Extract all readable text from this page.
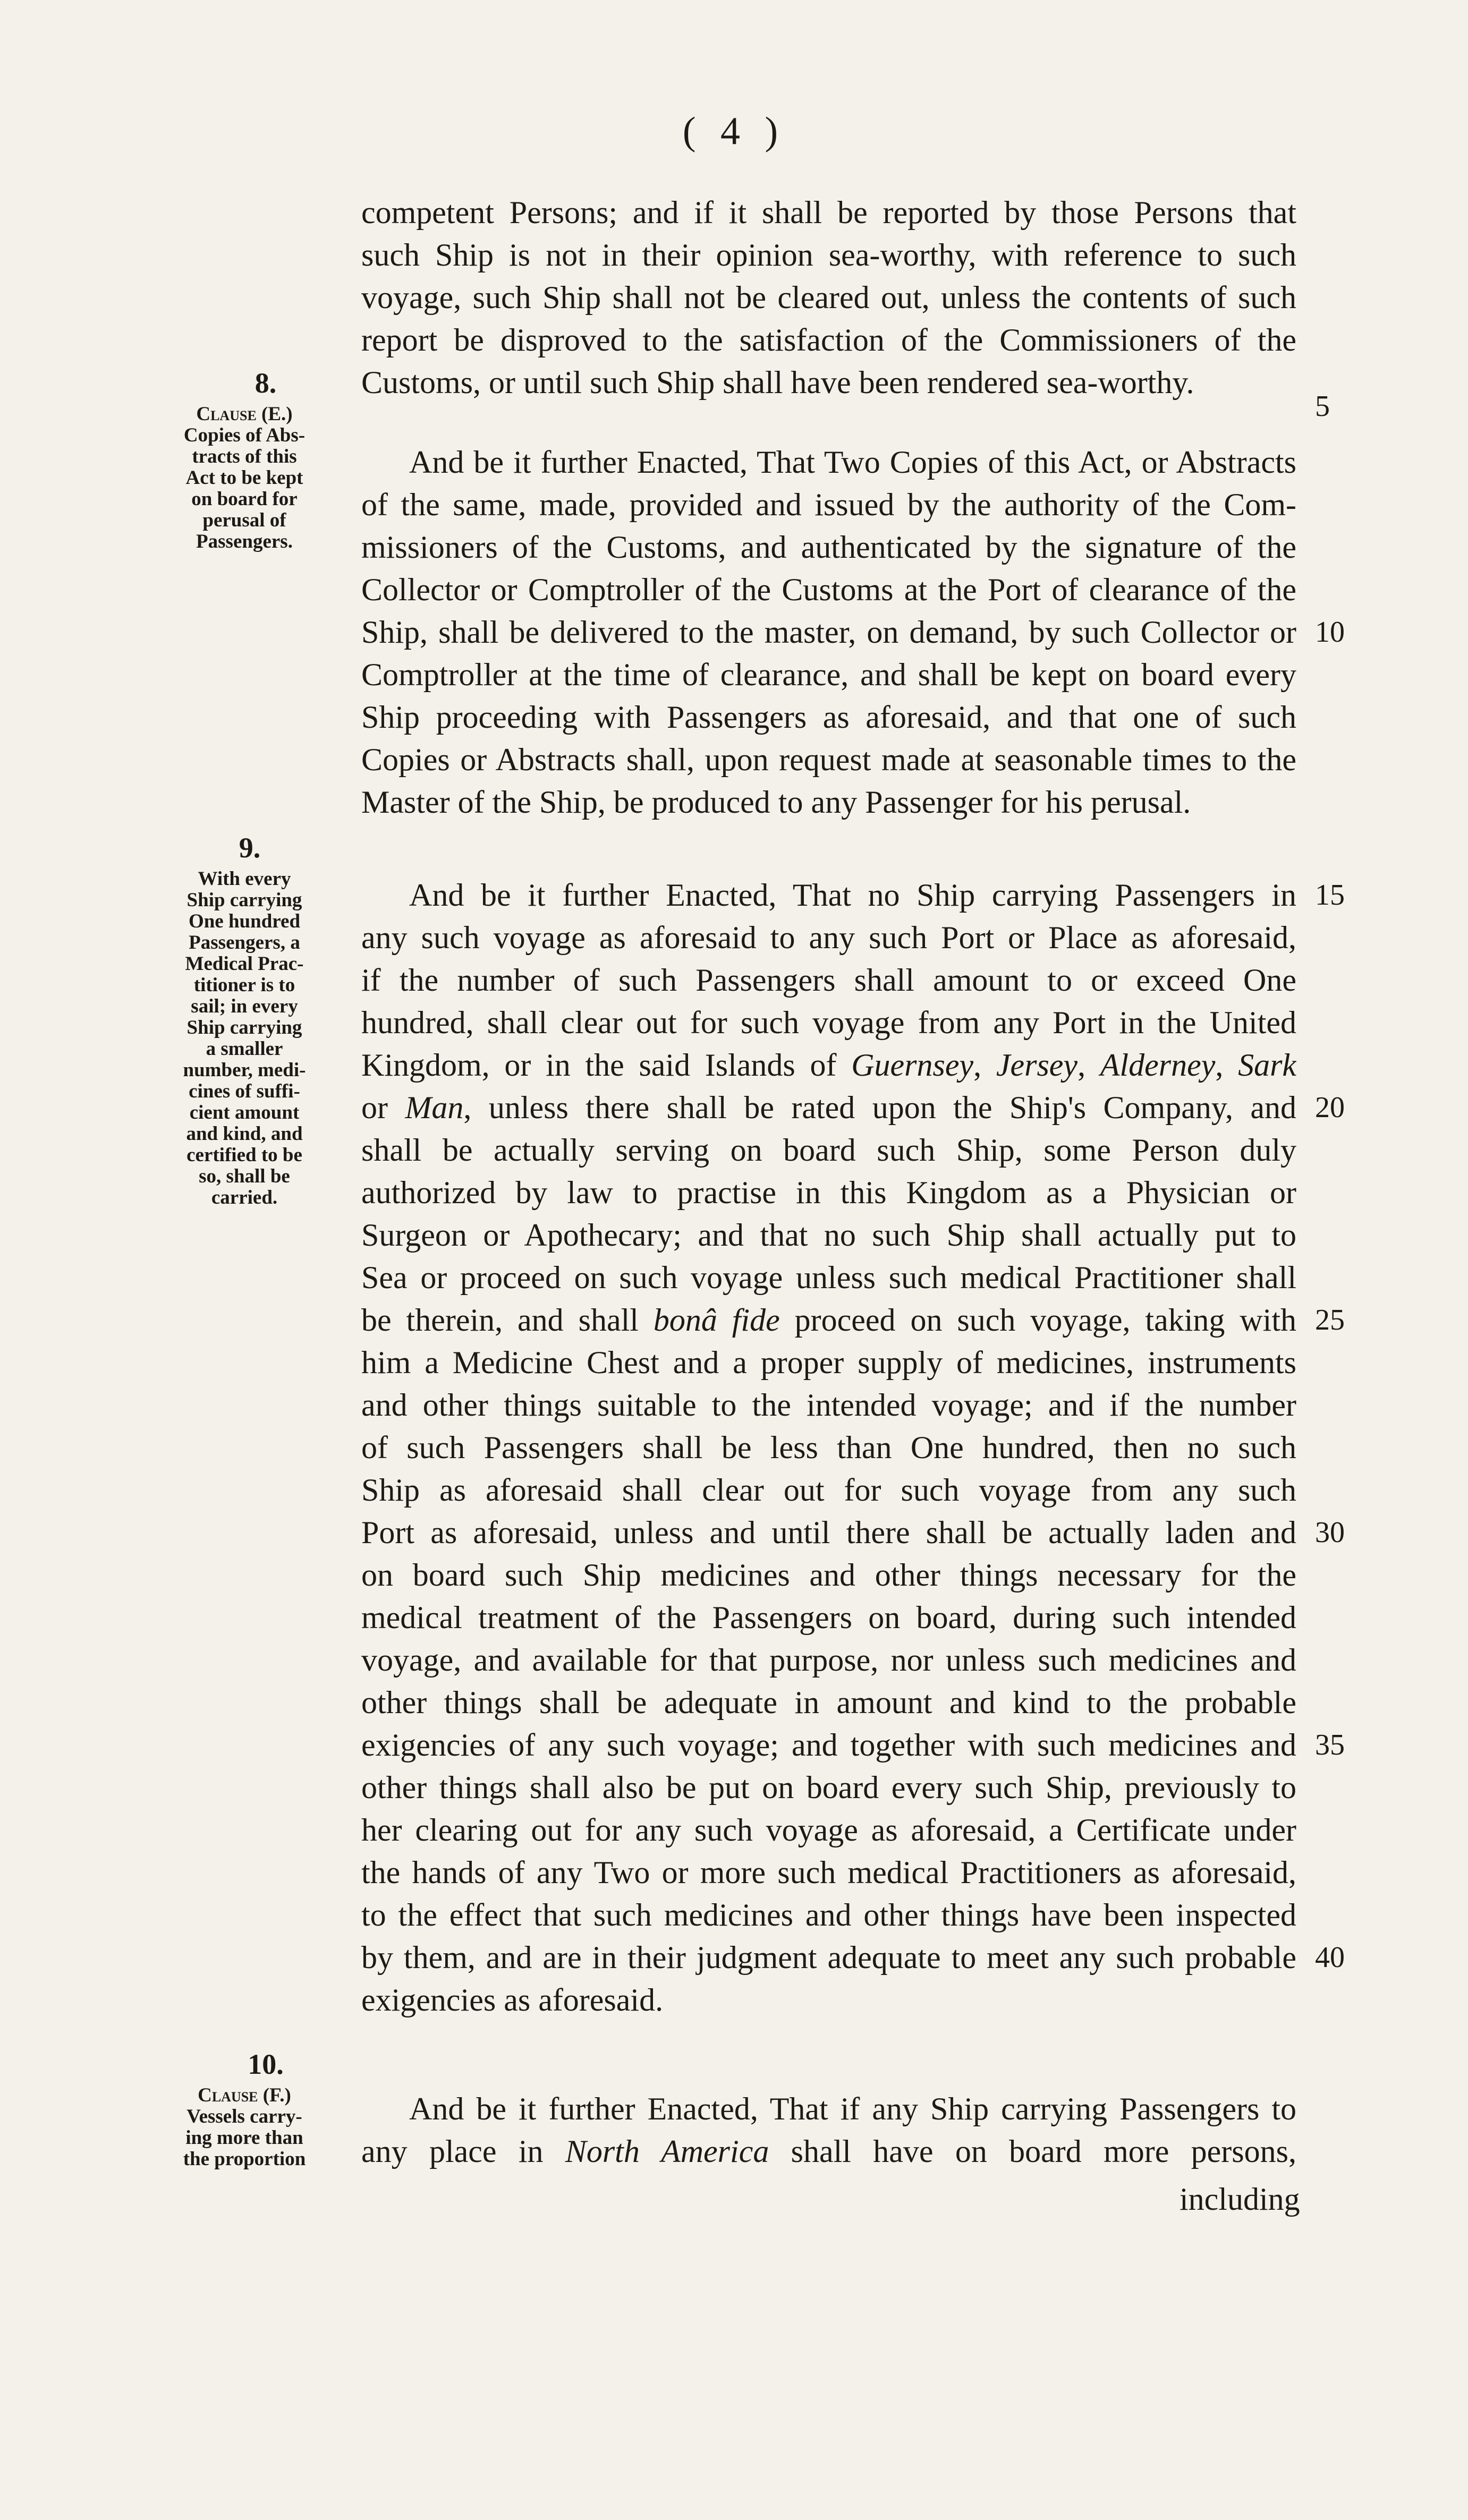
( 4 )
competent Persons; and if it shall be reported by those Persons that
such Ship is not in their opinion sea-worthy, with reference to such
voyage, such Ship shall not be cleared out, unless the contents of such
report be disproved to the satisfaction of the Commissioners of the
Customs, or until such Ship shall have been rendered sea-worthy.
And be it further Enacted, That Two Copies of this Act, or Abstracts
of the same, made, provided and issued by the authority of the Com-
missioners of the Customs, and authenticated by the signature of the
Collector or Comptroller of the Customs at the Port of clearance of the
Ship, shall be delivered to the master, on demand, by such Collector or
Comptroller at the time of clearance, and shall be kept on board every
Ship proceeding with Passengers as aforesaid, and that one of such
Copies or Abstracts shall, upon request made at seasonable times to the
Master of the Ship, be produced to any Passenger for his perusal.
And be it further Enacted, That no Ship carrying Passengers in
any such voyage as aforesaid to any such Port or Place as aforesaid,
if the number of such Passengers shall amount to or exceed One
hundred, shall clear out for such voyage from any Port in the United
Kingdom, or in the said Islands of Guernsey, Jersey, Alderney, Sark
or Man, unless there shall be rated upon the Ship's Company, and
shall be actually serving on board such Ship, some Person duly
authorized by law to practise in this Kingdom as a Physician or
Surgeon or Apothecary; and that no such Ship shall actually put to
Sea or proceed on such voyage unless such medical Practitioner shall
be therein, and shall bonâ fide proceed on such voyage, taking with
him a Medicine Chest and a proper supply of medicines, instruments
and other things suitable to the intended voyage; and if the number
of such Passengers shall be less than One hundred, then no such
Ship as aforesaid shall clear out for such voyage from any such
Port as aforesaid, unless and until there shall be actually laden and
on board such Ship medicines and other things necessary for the
medical treatment of the Passengers on board, during such intended
voyage, and available for that purpose, nor unless such medicines and
other things shall be adequate in amount and kind to the probable
exigencies of any such voyage; and together with such medicines and
other things shall also be put on board every such Ship, previously to
her clearing out for any such voyage as aforesaid, a Certificate under
the hands of any Two or more such medical Practitioners as aforesaid,
to the effect that such medicines and other things have been inspected
by them, and are in their judgment adequate to meet any such probable
exigencies as aforesaid.
And be it further Enacted, That if any Ship carrying Passengers to
any place in North America shall have on board more persons,
including
5
10
15
20
25
30
35
40
8.
Clause (E.)
Copies of Abs-
tracts of this
Act to be kept
on board for
perusal of
Passengers.
9.
With every
Ship carrying
One hundred
Passengers, a
Medical Prac-
titioner is to
sail; in every
Ship carrying
a smaller
number, medi-
cines of suffi-
cient amount
and kind, and
certified to be
so, shall be
carried.
10.
Clause (F.)
Vessels carry-
ing more than
the proportion
